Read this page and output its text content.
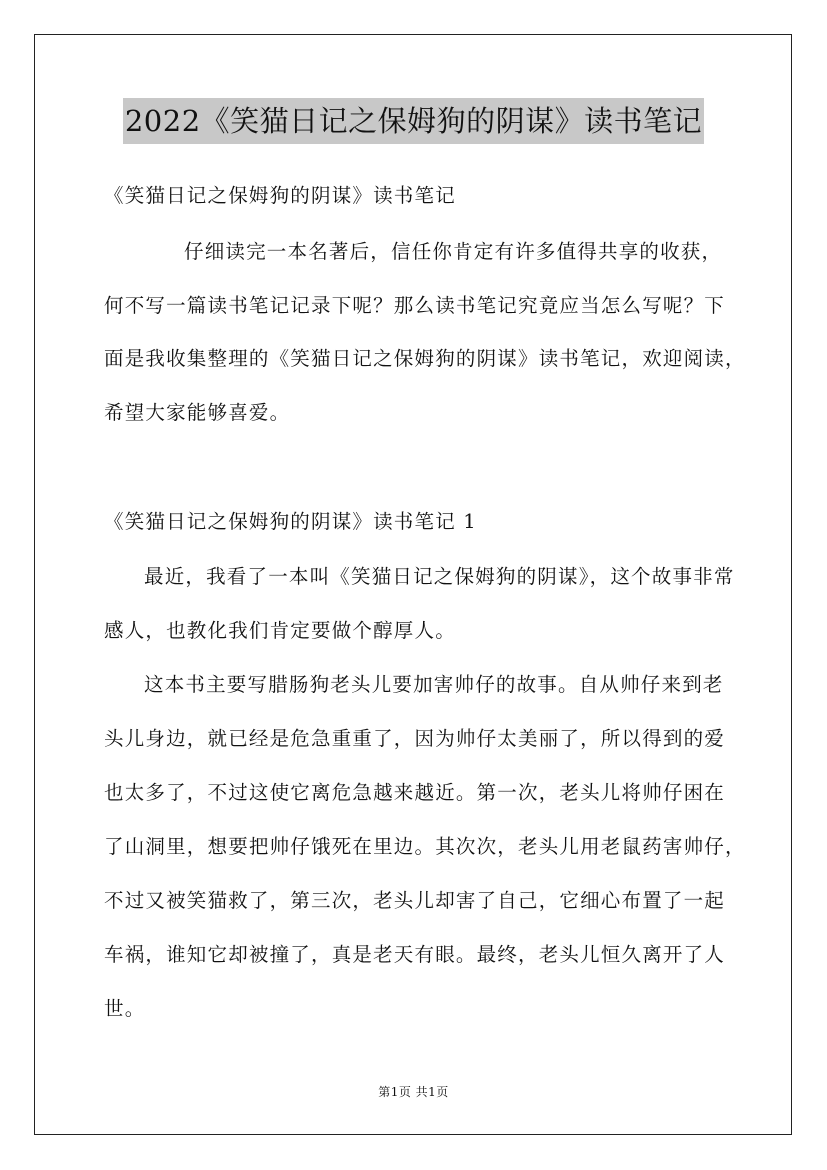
2022《笑猫日记之保姆狗的阴谋》读书笔记
《笑猫日记之保姆狗的阴谋》读书笔记
仔细读完一本名著后，信任你肯定有许多值得共享的收获，
何不写一篇读书笔记记录下呢？那么读书笔记究竟应当怎么写呢？下
面是我收集整理的《笑猫日记之保姆狗的阴谋》读书笔记，欢迎阅读，
希望大家能够喜爱。
《笑猫日记之保姆狗的阴谋》读书笔记 1
最近，我看了一本叫《笑猫日记之保姆狗的阴谋》，这个故事非常
感人，也教化我们肯定要做个醇厚人。
这本书主要写腊肠狗老头儿要加害帅仔的故事。自从帅仔来到老
头儿身边，就已经是危急重重了，因为帅仔太美丽了，所以得到的爱
也太多了，不过这使它离危急越来越近。第一次，老头儿将帅仔困在
了山洞里，想要把帅仔饿死在里边。其次次，老头儿用老鼠药害帅仔，
不过又被笑猫救了，第三次，老头儿却害了自己，它细心布置了一起
车祸，谁知它却被撞了，真是老天有眼。最终，老头儿恒久离开了人
世。
第1页 共1页
